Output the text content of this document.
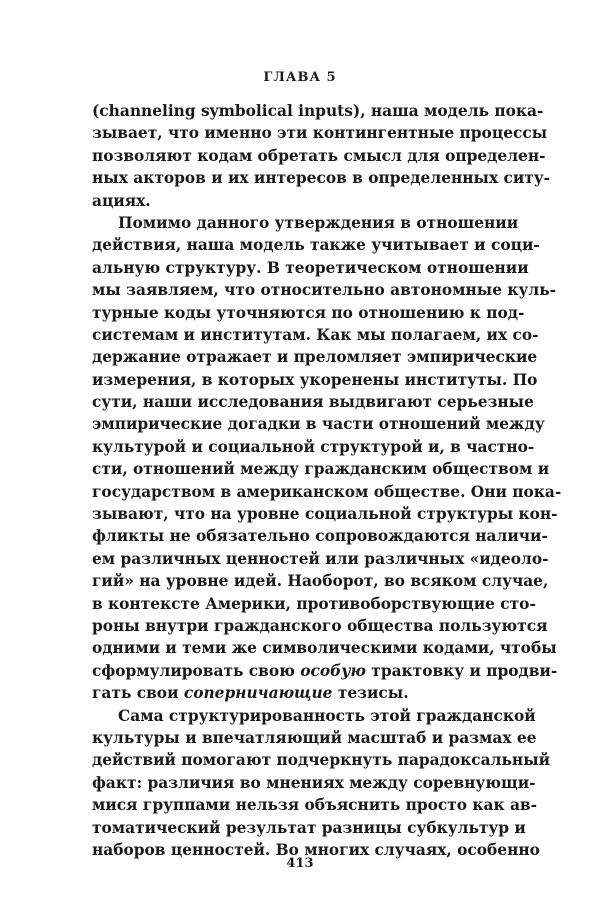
ГЛАВА 5
(channeling symbolical inputs), наша модель пока-
зывает, что именно эти контингентные процессы
позволяют кодам обретать смысл для определен-
ных акторов и их интересов в определенных ситу-
ациях.
Помимо данного утверждения в отношении
действия, наша модель также учитывает и соци-
альную структуру. В теоретическом отношении
мы заявляем, что относительно автономные куль-
турные коды уточняются по отношению к под-
системам и институтам. Как мы полагаем, их со-
держание отражает и преломляет эмпирические
измерения, в которых укоренены институты. По
сути, наши исследования выдвигают серьезные
эмпирические догадки в части отношений между
культурой и социальной структурой и, в частно-
сти, отношений между гражданским обществом и
государством в американском обществе. Они пока-
зывают, что на уровне социальной структуры кон-
фликты не обязательно сопровождаются наличи-
ем различных ценностей или различных «идеоло-
гий» на уровне идей. Наоборот, во всяком случае,
в контексте Америки, противоборствующие сто-
роны внутри гражданского общества пользуются
одними и теми же символическими кодами, чтобы
сформулировать свою особую трактовку и продви-
гать свои соперничающие тезисы.
Сама структурированность этой гражданской
культуры и впечатляющий масштаб и размах ее
действий помогают подчеркнуть парадоксальный
факт: различия во мнениях между соревнующи-
мися группами нельзя объяснить просто как ав-
томатический результат разницы субкультур и
наборов ценностей. Во многих случаях, особенно
413
